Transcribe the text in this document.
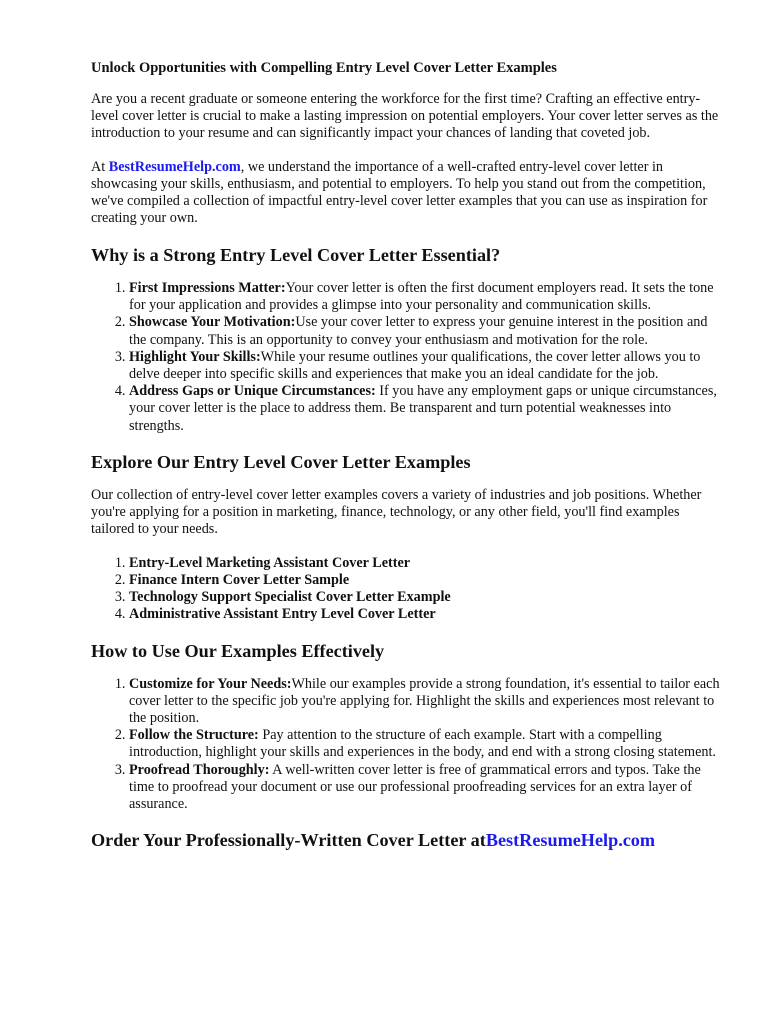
Unlock Opportunities with Compelling Entry Level Cover Letter Examples

Are you a recent graduate or someone entering the workforce for the first time? Crafting an effective entry-level cover letter is crucial to make a lasting impression on potential employers. Your cover letter serves as the introduction to your resume and can significantly impact your chances of landing that coveted job.

At BestResumeHelp.com, we understand the importance of a well-crafted entry-level cover letter in showcasing your skills, enthusiasm, and potential to employers. To help you stand out from the competition, we've compiled a collection of impactful entry-level cover letter examples that you can use as inspiration for creating your own.

Why is a Strong Entry Level Cover Letter Essential?
1. First Impressions Matter:Your cover letter is often the first document employers read. It sets the tone for your application and provides a glimpse into your personality and communication skills.
2. Showcase Your Motivation:Use your cover letter to express your genuine interest in the position and the company. This is an opportunity to convey your enthusiasm and motivation for the role.
3. Highlight Your Skills:While your resume outlines your qualifications, the cover letter allows you to delve deeper into specific skills and experiences that make you an ideal candidate for the job.
4. Address Gaps or Unique Circumstances: If you have any employment gaps or unique circumstances, your cover letter is the place to address them. Be transparent and turn potential weaknesses into strengths.
Explore Our Entry Level Cover Letter Examples

Our collection of entry-level cover letter examples covers a variety of industries and job positions. Whether you're applying for a position in marketing, finance, technology, or any other field, you'll find examples tailored to your needs.

1. Entry-Level Marketing Assistant Cover Letter
2. Finance Intern Cover Letter Sample
3. Technology Support Specialist Cover Letter Example
4. Administrative Assistant Entry Level Cover Letter
How to Use Our Examples Effectively
1. Customize for Your Needs:While our examples provide a strong foundation, it's essential to tailor each cover letter to the specific job you're applying for. Highlight the skills and experiences most relevant to the position.
2. Follow the Structure: Pay attention to the structure of each example. Start with a compelling introduction, highlight your skills and experiences in the body, and end with a strong closing statement.
3. Proofread Thoroughly: A well-written cover letter is free of grammatical errors and typos. Take the time to proofread your document or use our professional proofreading services for an extra layer of assurance.

Order Your Professionally-Written Cover Letter atBestResumeHelp.com
